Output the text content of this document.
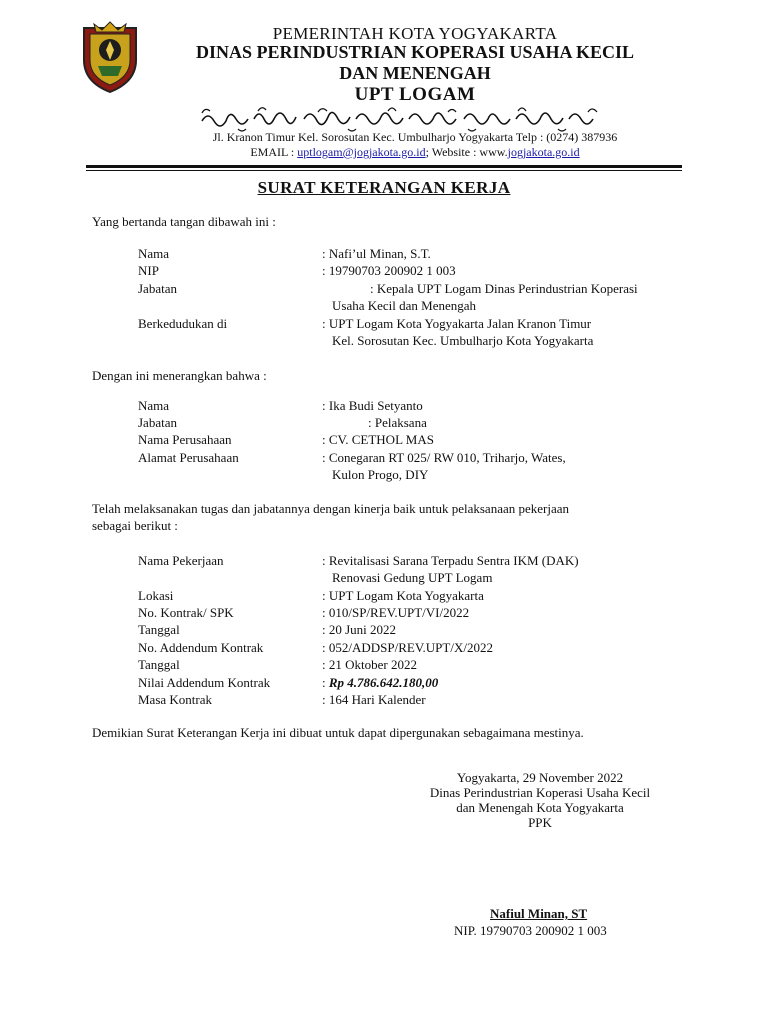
PEMERINTAH KOTA YOGYAKARTA
DINAS PERINDUSTRIAN KOPERASI USAHA KECIL
DAN MENENGAH
UPT LOGAM
Jl. Kranon Timur Kel. Sorosutan Kec. Umbulharjo Yogyakarta Telp : (0274) 387936
EMAIL : uptlogam@jogjakota.go.id; Website : www.jogjakota.go.id
SURAT KETERANGAN KERJA
Yang bertanda tangan dibawah ini :
Nama	: Nafi’ul Minan, S.T.
NIP	: 19790703 200902 1 003
Jabatan	: Kepala UPT Logam Dinas Perindustrian Koperasi
Usaha Kecil dan Menengah
Berkedudukan di	: UPT Logam Kota Yogyakarta Jalan Kranon Timur
Kel. Sorosutan Kec. Umbulharjo Kota Yogyakarta
Dengan ini menerangkan bahwa :
Nama	: Ika Budi Setyanto
Jabatan	: Pelaksana
Nama Perusahaan	: CV. CETHOL MAS
Alamat Perusahaan	: Conegaran RT 025/ RW 010, Triharjo, Wates,
Kulon Progo, DIY
Telah melaksanakan tugas dan jabatannya dengan kinerja baik untuk pelaksanaan pekerjaan
sebagai berikut :
Nama Pekerjaan	: Revitalisasi Sarana Terpadu Sentra IKM (DAK)
Renovasi Gedung UPT Logam
Lokasi	: UPT Logam Kota Yogyakarta
No. Kontrak/ SPK	: 010/SP/REV.UPT/VI/2022
Tanggal	: 20 Juni 2022
No. Addendum Kontrak	: 052/ADDSP/REV.UPT/X/2022
Tanggal	: 21 Oktober 2022
Nilai Addendum Kontrak	: Rp 4.786.642.180,00
Masa Kontrak	: 164 Hari Kalender
Demikian Surat Keterangan Kerja ini dibuat untuk dapat dipergunakan sebagaimana mestinya.
Yogyakarta, 29 November 2022
Dinas Perindustrian Koperasi Usaha Kecil
dan Menengah Kota Yogyakarta
PPK
Nafiul Minan, ST
NIP. 19790703 200902 1 003
